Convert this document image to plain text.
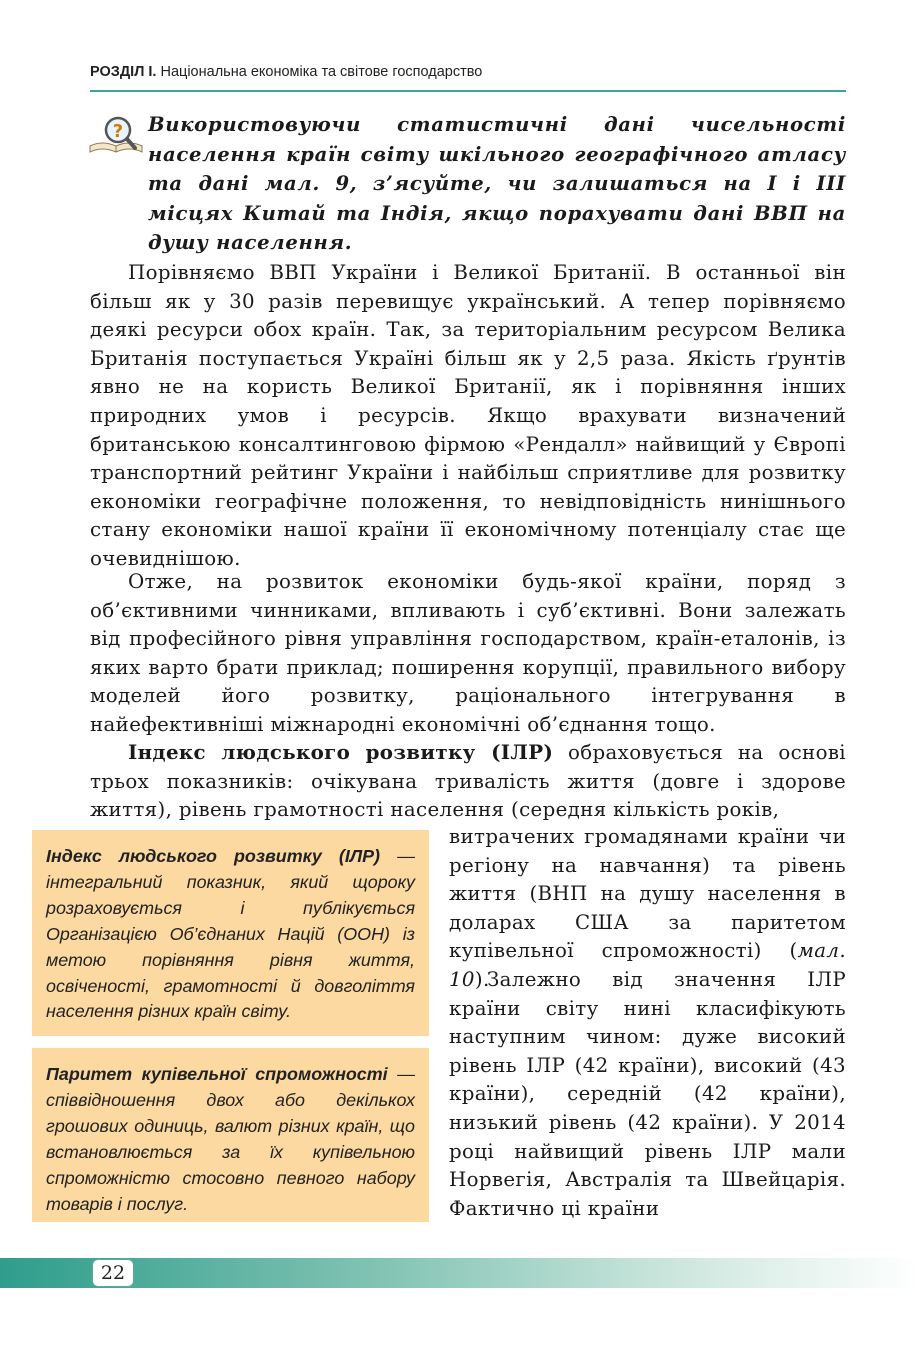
РОЗДІЛ І. Національна економіка та світове господарство
? Використовуючи статистичні дані чисельності населення країн світу шкільного географічного атласу та дані мал. 9, з’ясуйте, чи залишаться на І і ІІІ місцях Китай та Індія, якщо порахувати дані ВВП на душу населення.

Порівняємо ВВП України і Великої Британії. В останньої він більш як у 30 разів перевищує український. А тепер порівняємо деякі ресурси обох країн. Так, за територіальним ресурсом Велика Британія поступається Україні більш як у 2,5 раза. Якість ґрунтів явно не на користь Великої Британії, як і порівняння інших природних умов і ресурсів. Якщо врахувати визначений британською консалтинговою фірмою «Рендалл» найвищий у Європі транспортний рейтинг України і найбільш сприятливе для розвитку економіки географічне положення, то невідповідність нинішнього стану економіки нашої країни її економічному потенціалу стає ще очевиднішою.

Отже, на розвиток економіки будь-якої країни, поряд з об’єктивними чинниками, впливають і суб’єктивні. Вони залежать від професійного рівня управління господарством, країн-еталонів, із яких варто брати приклад; поширення корупції, правильного вибору моделей його розвитку, раціонального інтегрування в найефективніші міжнародні економічні об’єднання тощо.

Індекс людського розвитку (ІЛР) обраховується на основі трьох показників: очікувана тривалість життя (довге і здорове життя), рівень грамотності населення (середня кількість років,

витрачених громадянами країни чи регіону на навчання) та рівень життя (ВНП на душу населення в доларах США за паритетом купівельної спроможності) (мал. 10).

Залежно від значення ІЛР країни світу нині класифікують наступним чином: дуже високий рівень ІЛР (42 країни), високий (43 країни), середній (42 країни), низький рівень (42 країни). У 2014 році найвищий рівень ІЛР мали Норвегія, Австралія та Швейцарія. Фактично ці країни

Індекс людського розвитку (ІЛР) — інтегральний показник, який щороку розраховується і публікується Організацією Об’єднаних Націй (ООН) із метою порівняння рівня життя, освіченості, грамотності й довголіття населення різних країн світу.
Паритет купівельної спроможності — співвідношення двох або декількох грошових одиниць, валют різних країн, що встановлюється за їх купівельною спроможністю стосовно певного набору товарів і послуг.
22
